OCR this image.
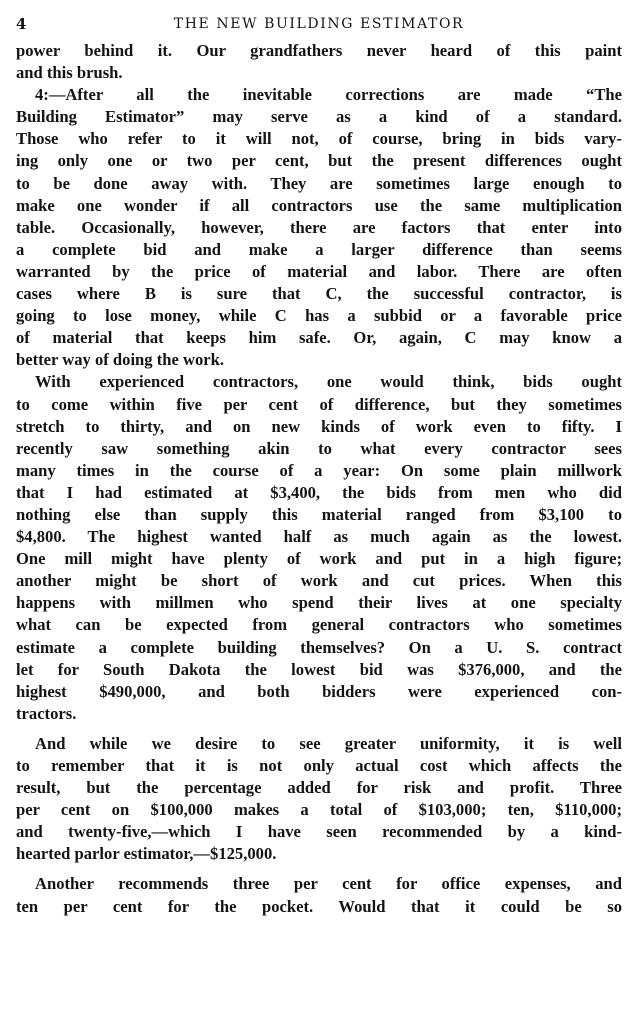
4	THE NEW BUILDING ESTIMATOR
power behind it. Our grandfathers never heard of this paint
and this brush.
4:—After all the inevitable corrections are made “The
Building Estimator” may serve as a kind of a standard.
Those who refer to it will not, of course, bring in bids vary-
ing only one or two per cent, but the present differences ought
to be done away with. They are sometimes large enough to
make one wonder if all contractors use the same multiplication
table. Occasionally, however, there are factors that enter into
a complete bid and make a larger difference than seems
warranted by the price of material and labor. There are often
cases where B is sure that C, the successful contractor, is
going to lose money, while C has a subbid or a favorable price
of material that keeps him safe. Or, again, C may know a
better way of doing the work.
With experienced contractors, one would think, bids ought
to come within five per cent of difference, but they sometimes
stretch to thirty, and on new kinds of work even to fifty. I
recently saw something akin to what every contractor sees
many times in the course of a year: On some plain millwork
that I had estimated at $3,400, the bids from men who did
nothing else than supply this material ranged from $3,100 to
$4,800. The highest wanted half as much again as the lowest.
One mill might have plenty of work and put in a high figure;
another might be short of work and cut prices. When this
happens with millmen who spend their lives at one specialty
what can be expected from general contractors who sometimes
estimate a complete building themselves? On a U. S. contract
let for South Dakota the lowest bid was $376,000, and the
highest $490,000, and both bidders were experienced con-
tractors.
And while we desire to see greater uniformity, it is well
to remember that it is not only actual cost which affects the
result, but the percentage added for risk and profit. Three
per cent on $100,000 makes a total of $103,000; ten, $110,000;
and twenty-five,—which I have seen recommended by a kind-
hearted parlor estimator,—$125,000.
Another recommends three per cent for office expenses, and
ten per cent for the pocket. Would that it could be so
